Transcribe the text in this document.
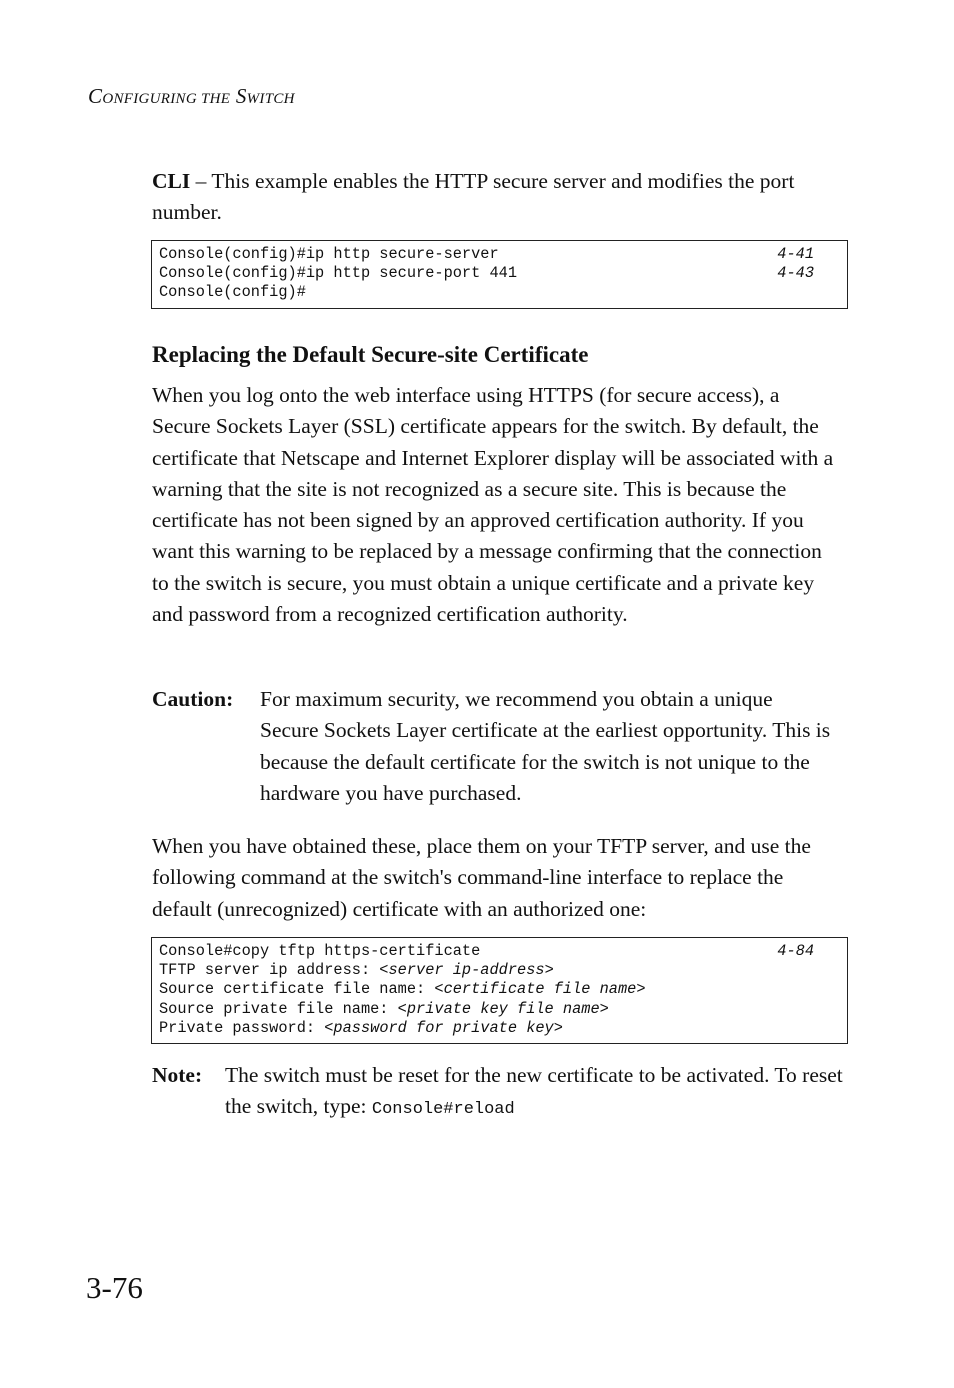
CONFIGURING THE SWITCH
CLI – This example enables the HTTP secure server and modifies the port number.
Console(config)#ip http secure-server	4-41
Console(config)#ip http secure-port 441	4-43
Console(config)#
Replacing the Default Secure-site Certificate
When you log onto the web interface using HTTPS (for secure access), a Secure Sockets Layer (SSL) certificate appears for the switch. By default, the certificate that Netscape and Internet Explorer display will be associated with a warning that the site is not recognized as a secure site. This is because the certificate has not been signed by an approved certification authority. If you want this warning to be replaced by a message confirming that the connection to the switch is secure, you must obtain a unique certificate and a private key and password from a recognized certification authority.
Caution: For maximum security, we recommend you obtain a unique Secure Sockets Layer certificate at the earliest opportunity. This is because the default certificate for the switch is not unique to the hardware you have purchased.
When you have obtained these, place them on your TFTP server, and use the following command at the switch's command-line interface to replace the default (unrecognized) certificate with an authorized one:
Console#copy tftp https-certificate	4-84
TFTP server ip address: <server ip-address>
Source certificate file name: <certificate file name>
Source private file name: <private key file name>
Private password: <password for private key>
Note: The switch must be reset for the new certificate to be activated. To reset the switch, type: Console#reload
3-76
